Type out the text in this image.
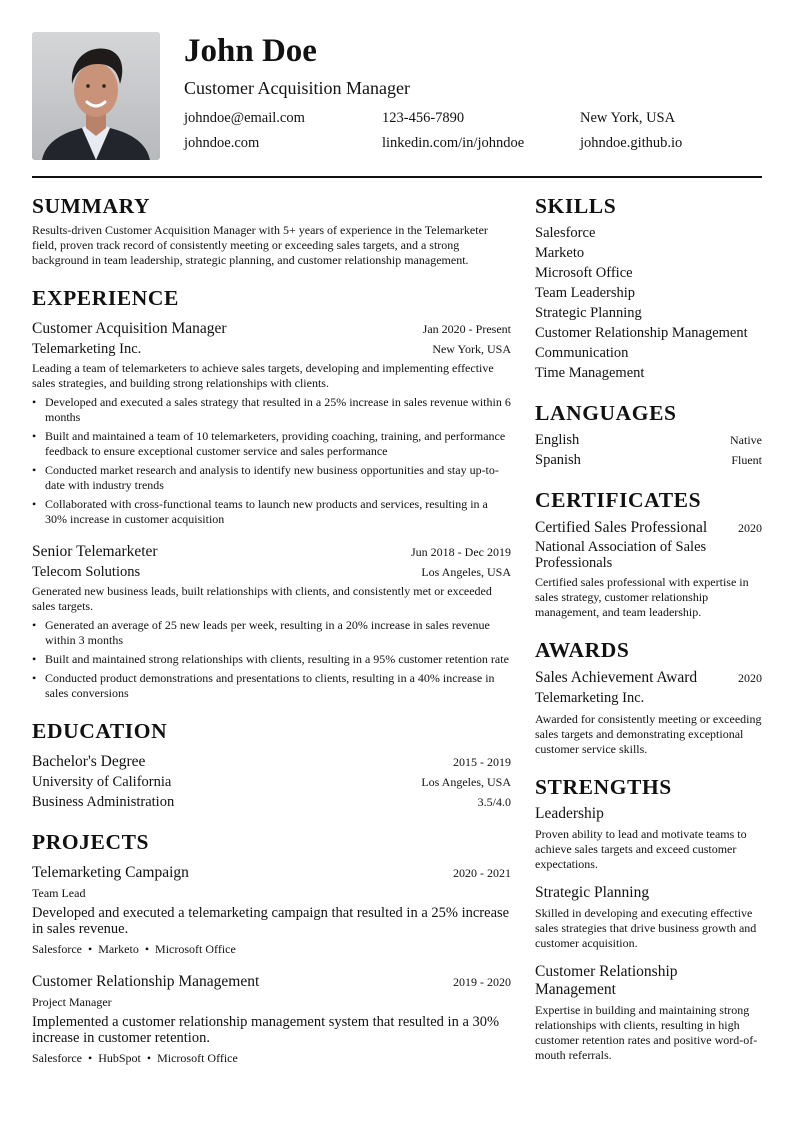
John Doe
Customer Acquisition Manager
johndoe@email.com	123-456-7890	New York, USA
johndoe.com	linkedin.com/in/johndoe	johndoe.github.io
SUMMARY
Results-driven Customer Acquisition Manager with 5+ years of experience in the Telemarketer field, proven track record of consistently meeting or exceeding sales targets, and a strong background in team leadership, strategic planning, and customer relationship management.
EXPERIENCE
Customer Acquisition Manager	Jan 2020 - Present
Telemarketing Inc.	New York, USA
Leading a team of telemarketers to achieve sales targets, developing and implementing effective sales strategies, and building strong relationships with clients.
• Developed and executed a sales strategy that resulted in a 25% increase in sales revenue within 6 months
• Built and maintained a team of 10 telemarketers, providing coaching, training, and performance feedback to ensure exceptional customer service and sales performance
• Conducted market research and analysis to identify new business opportunities and stay up-to-date with industry trends
• Collaborated with cross-functional teams to launch new products and services, resulting in a 30% increase in customer acquisition
Senior Telemarketer	Jun 2018 - Dec 2019
Telecom Solutions	Los Angeles, USA
Generated new business leads, built relationships with clients, and consistently met or exceeded sales targets.
• Generated an average of 25 new leads per week, resulting in a 20% increase in sales revenue within 3 months
• Built and maintained strong relationships with clients, resulting in a 95% customer retention rate
• Conducted product demonstrations and presentations to clients, resulting in a 40% increase in sales conversions
EDUCATION
Bachelor's Degree	2015 - 2019
University of California	Los Angeles, USA
Business Administration	3.5/4.0
PROJECTS
Telemarketing Campaign	2020 - 2021
Team Lead
Developed and executed a telemarketing campaign that resulted in a 25% increase in sales revenue.
Salesforce • Marketo • Microsoft Office
Customer Relationship Management	2019 - 2020
Project Manager
Implemented a customer relationship management system that resulted in a 30% increase in customer retention.
Salesforce • HubSpot • Microsoft Office
SKILLS
Salesforce
Marketo
Microsoft Office
Team Leadership
Strategic Planning
Customer Relationship Management
Communication
Time Management
LANGUAGES
English	Native
Spanish	Fluent
CERTIFICATES
Certified Sales Professional	2020
National Association of Sales Professionals
Certified sales professional with expertise in sales strategy, customer relationship management, and team leadership.
AWARDS
Sales Achievement Award	2020
Telemarketing Inc.
Awarded for consistently meeting or exceeding sales targets and demonstrating exceptional customer service skills.
STRENGTHS
Leadership
Proven ability to lead and motivate teams to achieve sales targets and exceed customer expectations.
Strategic Planning
Skilled in developing and executing effective sales strategies that drive business growth and customer acquisition.
Customer Relationship Management
Expertise in building and maintaining strong relationships with clients, resulting in high customer retention rates and positive word-of-mouth referrals.
